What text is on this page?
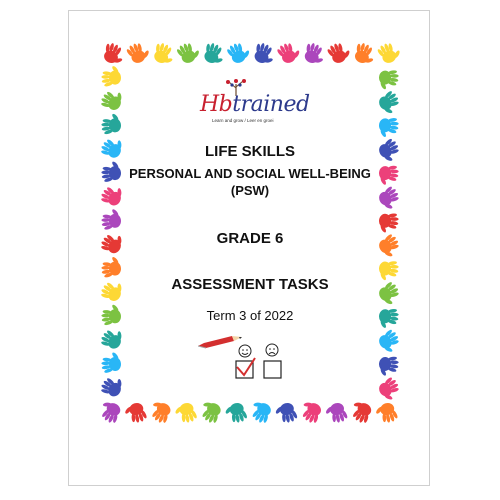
Hbtrained
Learn and grow / Leer en groei
LIFE SKILLS
PERSONAL AND SOCIAL WELL-BEING
(PSW)
GRADE 6
ASSESSMENT TASKS
Term 3 of 2022
